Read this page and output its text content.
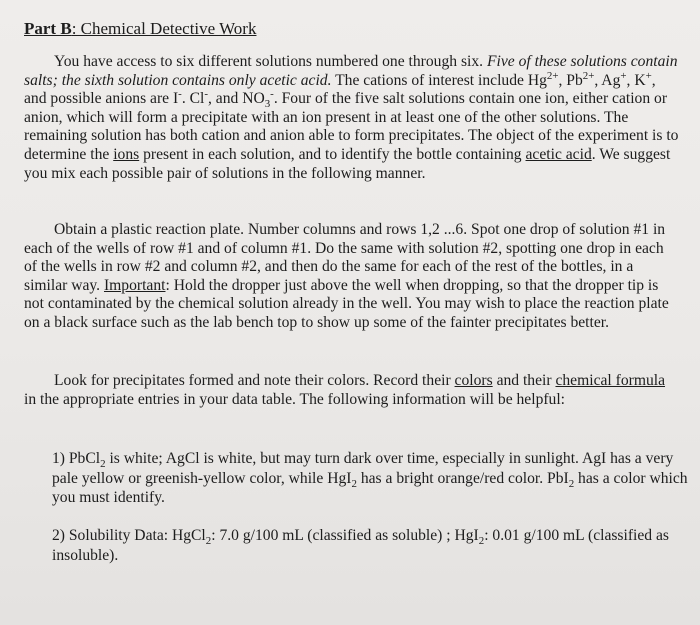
Part B: Chemical Detective Work

You have access to six different solutions numbered one through six. Five of these solutions contain salts; the sixth solution contains only acetic acid. The cations of interest include $Hg^{2+}$, $Pb^{2+}$, Ag+, K+, and possible anions are I-. Cl-, and $NO_3^-$. Four of the five salt solutions contain one ion, either cation or anion, which will form a precipitate with an ion present in at least one of the other solutions. The remaining solution has both cation and anion able to form precipitates. The object of the experiment is to determine the ions present in each solution, and to identify the bottle containing acetic acid. We suggest you mix each possible pair of solutions in the following manner.

Obtain a plastic reaction plate. Number columns and rows 1,2 ...6. Spot one drop of solution #1 in each of the wells of row #1 and of column #1. Do the same with solution #2, spotting one drop in each of the wells in row #2 and column #2, and then do the same for each of the rest of the bottles, in a similar way. Important: Hold the dropper just above the well when dropping, so that the dropper tip is not contaminated by the chemical solution already in the well. You may wish to place the reaction plate on a black surface such as the lab bench top to show up some of the fainter precipitates better.

Look for precipitates formed and note their colors. Record their colors and their chemical formula in the appropriate entries in your data table. The following information will be helpful:

1) PbCl$_2$ is white; AgCl is white, but may turn dark over time, especially in sunlight. AgI has a very pale yellow or greenish-yellow color, while HgI$_2$ has a bright orange/red color. PbI$_2$ has a color which you must identify.

2) Solubility Data: HgCl$_2$: 7.0 g/100 mL (classified as soluble) ; HgI$_2$: 0.01 g/100 mL (classified as insoluble).
